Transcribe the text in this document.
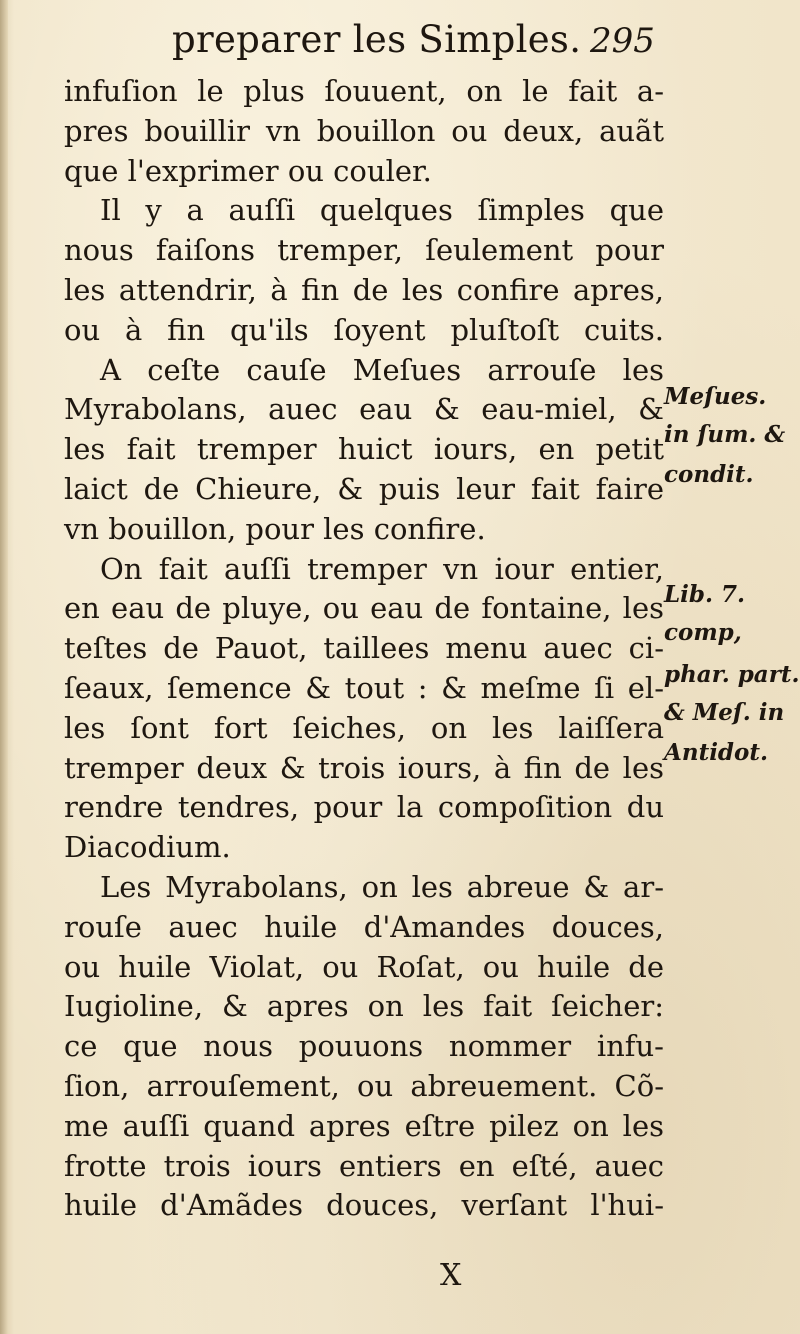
preparer les Simples. 295
infuſion le plus ſouuent, on le fait a-
pres bouillir vn bouillon ou deux, auãt
que l'exprimer ou couler.
Il y a auſſi quelques ſimples que
nous faiſons tremper, ſeulement pour
les attendrir, à fin de les confire apres,
ou à fin qu'ils ſoyent pluſtoſt cuits.
A ceſte cauſe Meſues arrouſe les
Myrabolans, auec eau & eau-miel, &
les fait tremper huict iours, en petit
laict de Chieure, & puis leur fait faire
vn bouillon, pour les confire.
On fait auſſi tremper vn iour entier,
en eau de pluye, ou eau de fontaine, les
teſtes de Pauot, taillees menu auec ci-
ſeaux, ſemence & tout : & meſme ſi el-
les ſont fort ſeiches, on les laiſſera
tremper deux & trois iours, à fin de les
rendre tendres, pour la compoſition du
Diacodium.
Les Myrabolans, on les abreue & ar-
rouſe auec huile d'Amandes douces,
ou huile Violat, ou Roſat, ou huile de
Iugioline, & apres on les fait ſeicher:
ce que nous pouuons nommer infu-
ſion, arrouſement, ou abreuement. Cõ-
me auſſi quand apres eſtre pilez on les
frotte trois iours entiers en eſté, auec
huile d'Amãdes douces, verſant l'hui-
Meſues.
in ſum. &
condit.
Lib. 7.
comp,
phar. part.
& Meſ. in
Antidot.
X
